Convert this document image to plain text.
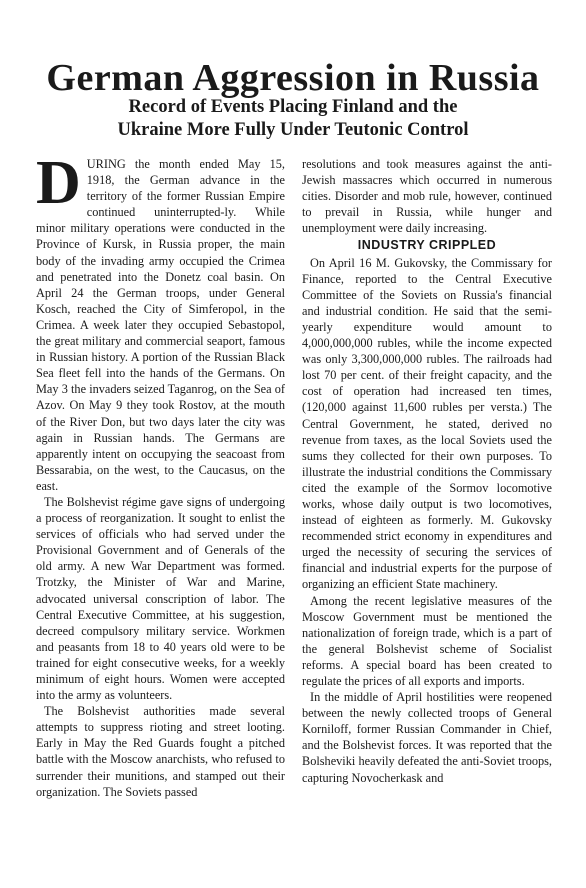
German Aggression in Russia
Record of Events Placing Finland and the
Ukraine More Fully Under Teutonic Control

DURING the month ended May 15, 1918, the German advance in the territory of the former Russian Empire continued uninterrupted-ly. While minor military operations were conducted in the Province of Kursk, in Russia proper, the main body of the invading army occupied the Crimea and penetrated into the Donetz coal basin. On April 24 the German troops, under General Kosch, reached the City of Simferopol, in the Crimea. A week later they occupied Sebastopol, the great military and commercial seaport, famous in Russian history. A portion of the Russian Black Sea fleet fell into the hands of the Germans. On May 3 the invaders seized Taganrog, on the Sea of Azov. On May 9 they took Rostov, at the mouth of the River Don, but two days later the city was again in Russian hands. The Germans are apparently intent on occupying the seacoast from Bessarabia, on the west, to the Caucasus, on the east.

The Bolshevist régime gave signs of undergoing a process of reorganization. It sought to enlist the services of officials who had served under the Provisional Government and of Generals of the old army. A new War Department was formed. Trotzky, the Minister of War and Marine, advocated universal conscription of labor. The Central Executive Committee, at his suggestion, decreed compulsory military service. Workmen and peasants from 18 to 40 years old were to be trained for eight consecutive weeks, for a weekly minimum of eight hours. Women were accepted into the army as volunteers.

The Bolshevist authorities made several attempts to suppress rioting and street looting. Early in May the Red Guards fought a pitched battle with the Moscow anarchists, who refused to surrender their munitions, and stamped out their organization. The Soviets passed

resolutions and took measures against the anti-Jewish massacres which occurred in numerous cities. Disorder and mob rule, however, continued to prevail in Russia, while hunger and unemployment were daily increasing.

INDUSTRY CRIPPLED

On April 16 M. Gukovsky, the Commissary for Finance, reported to the Central Executive Committee of the Soviets on Russia's financial and industrial condition. He said that the semi-yearly expenditure would amount to 4,000,000,000 rubles, while the income expected was only 3,300,000,000 rubles. The railroads had lost 70 per cent. of their freight capacity, and the cost of operation had increased ten times, (120,000 against 11,600 rubles per versta.) The Central Government, he stated, derived no revenue from taxes, as the local Soviets used the sums they collected for their own purposes. To illustrate the industrial conditions the Commissary cited the example of the Sormov locomotive works, whose daily output is two locomotives, instead of eighteen as formerly. M. Gukovsky recommended strict economy in expenditures and urged the necessity of securing the services of financial and industrial experts for the purpose of organizing an efficient State machinery.

Among the recent legislative measures of the Moscow Government must be mentioned the nationalization of foreign trade, which is a part of the general Bolshevist scheme of Socialist reforms. A special board has been created to regulate the prices of all exports and imports.

In the middle of April hostilities were reopened between the newly collected troops of General Korniloff, former Russian Commander in Chief, and the Bolshevist forces. It was reported that the Bolsheviki heavily defeated the anti-Soviet troops, capturing Novocherkask and
